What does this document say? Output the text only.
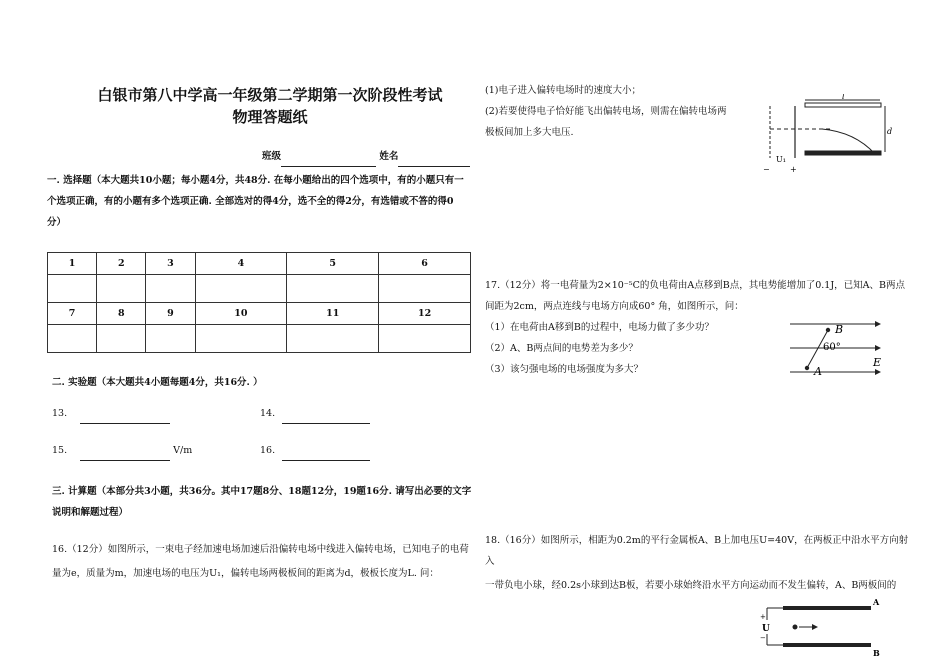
白银市第八中学高一年级第二学期第一次阶段性考试
物理答题纸
班级	姓名
一. 选择题（本大题共10小题；每小题4分，共48分. 在每小题给出的四个选项中，有的小题只有一
个选项正确，有的小题有多个选项正确. 全部选对的得4分，选不全的得2分，有选错或不答的得0
分）
1	2	3	4	5	6

7	8	9	10	11	12

二. 实验题（本大题共4小题每题4分，共16分. ）
13.	14.
15.	V/m	16.
三. 计算题（本部分共3小题，共36分。其中17题8分、18题12分，19题16分. 请写出必要的文字
说明和解题过程）
16.（12分）如图所示，一束电子经加速电场加速后沿偏转电场中线进入偏转电场，已知电子的电荷
量为e，质量为m，加速电场的电压为U₁，偏转电场两极板间的距离为d，极板长度为L. 问：
(1)电子进入偏转电场时的速度大小；
(2)若要使得电子恰好能飞出偏转电场，则需在偏转电场两
极板间加上多大电压.
l
d
U₁
−	+
17.（12分）将一电荷量为2×10⁻⁵C的负电荷由A点移到B点，其电势能增加了0.1J，已知A、B两点
间距为2cm，两点连线与电场方向成60° 角，如图所示，问：
（1）在电荷由A移到B的过程中，电场力做了多少功？
（2）A、B两点间的电势差为多少？
（3）该匀强电场的电场强度为多大？	A
B
60°
E
18.（16分）如图所示，相距为0.2m的平行金属板A、B上加电压U=40V，在两板正中沿水平方向射入
一带负电小球，经0.2s小球到达B板，若要小球始终沿水平方向运动而不发生偏转，A、B两板间的
A
B
+
U
−
